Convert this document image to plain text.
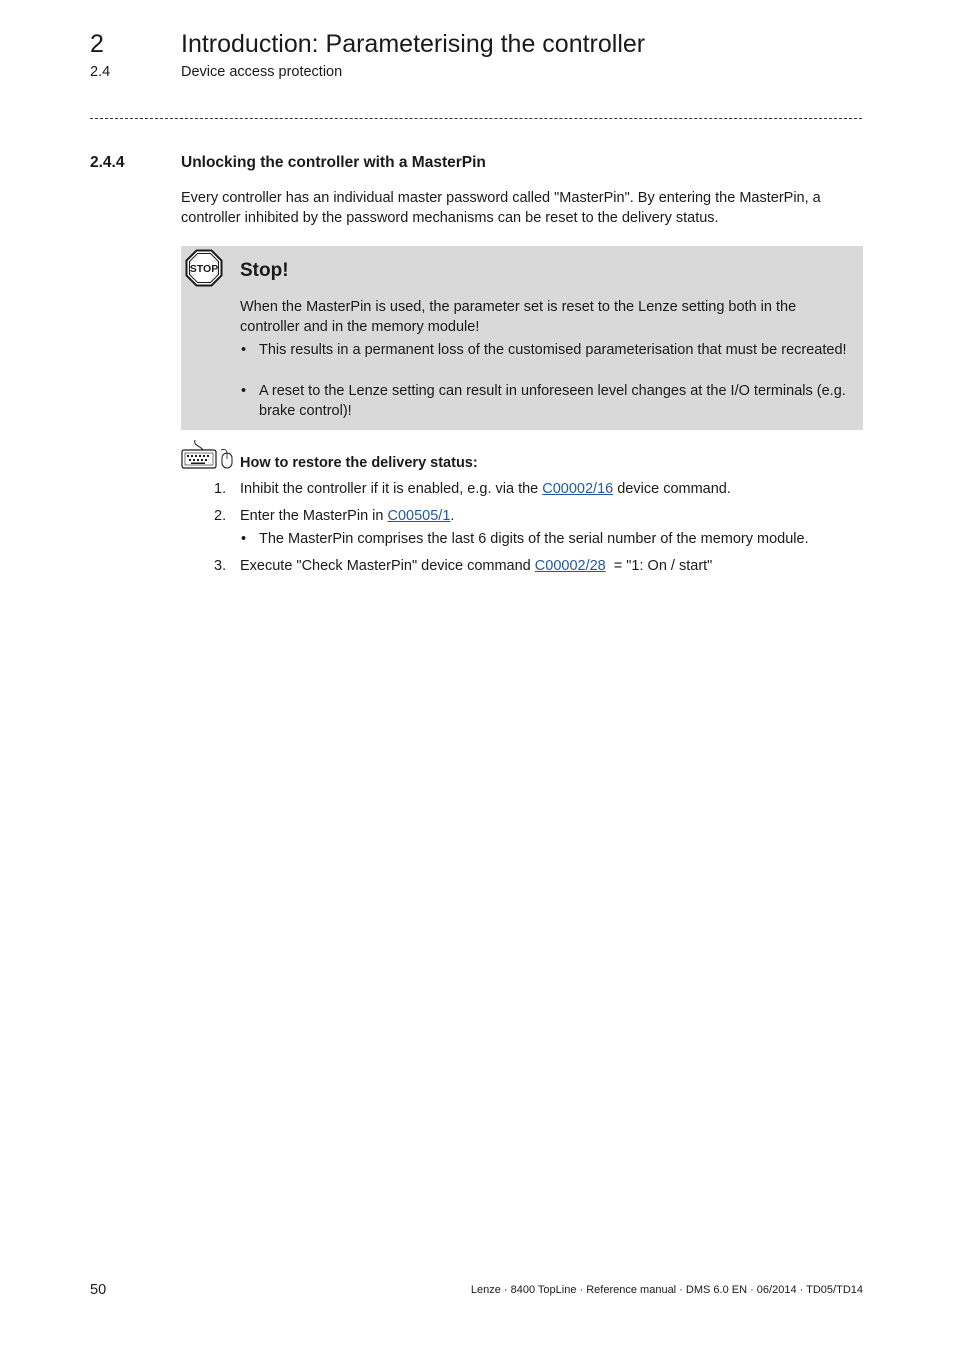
2	Introduction: Parameterising the controller
2.4	Device access protection
2.4.4	Unlocking the controller with a MasterPin

Every controller has an individual master password called "MasterPin". By entering the MasterPin, a controller inhibited by the password mechanisms can be reset to the delivery status.

STOP Stop!

When the MasterPin is used, the parameter set is reset to the Lenze setting both in the controller and in the memory module!

• This results in a permanent loss of the customised parameterisation that must be recreated!
• A reset to the Lenze setting can result in unforeseen level changes at the I/O terminals (e.g. brake control)!
How to restore the delivery status:
1. Inhibit the controller if it is enabled, e.g. via the C00002/16 device command.
2. Enter the MasterPin in C00505/1.
• The MasterPin comprises the last 6 digits of the serial number of the memory module.
3. Execute "Check MasterPin" device command C00002/28  = "1: On / start"
50	Lenze · 8400 TopLine · Reference manual · DMS 6.0 EN · 06/2014 · TD05/TD14
